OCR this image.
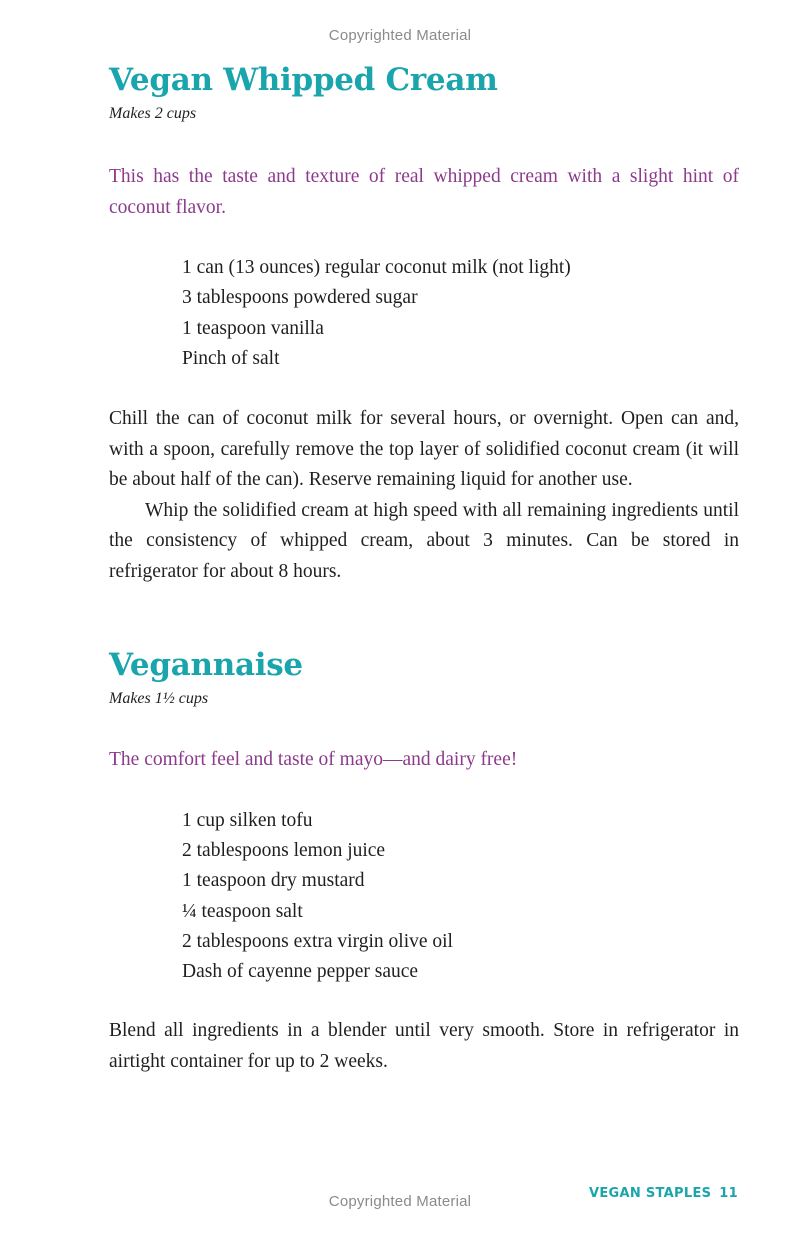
Copyrighted Material
Vegan Whipped Cream
Makes 2 cups

This has the taste and texture of real whipped cream with a slight hint of coconut flavor.

1 can (13 ounces) regular coconut milk (not light)
3 tablespoons powdered sugar
1 teaspoon vanilla
Pinch of salt

Chill the can of coconut milk for several hours, or overnight. Open can and, with a spoon, carefully remove the top layer of solidified coconut cream (it will be about half of the can). Reserve remaining liquid for another use.

Whip the solidified cream at high speed with all remaining ingredients until the consistency of whipped cream, about 3 minutes. Can be stored in refrigerator for about 8 hours.

Vegannaise
Makes 1½ cups

The comfort feel and taste of mayo—and dairy free!

1 cup silken tofu
2 tablespoons lemon juice
1 teaspoon dry mustard
¼ teaspoon salt
2 tablespoons extra virgin olive oil
Dash of cayenne pepper sauce

Blend all ingredients in a blender until very smooth. Store in refrigerator in airtight container for up to 2 weeks.

VEGAN STAPLES 11
Copyrighted Material
